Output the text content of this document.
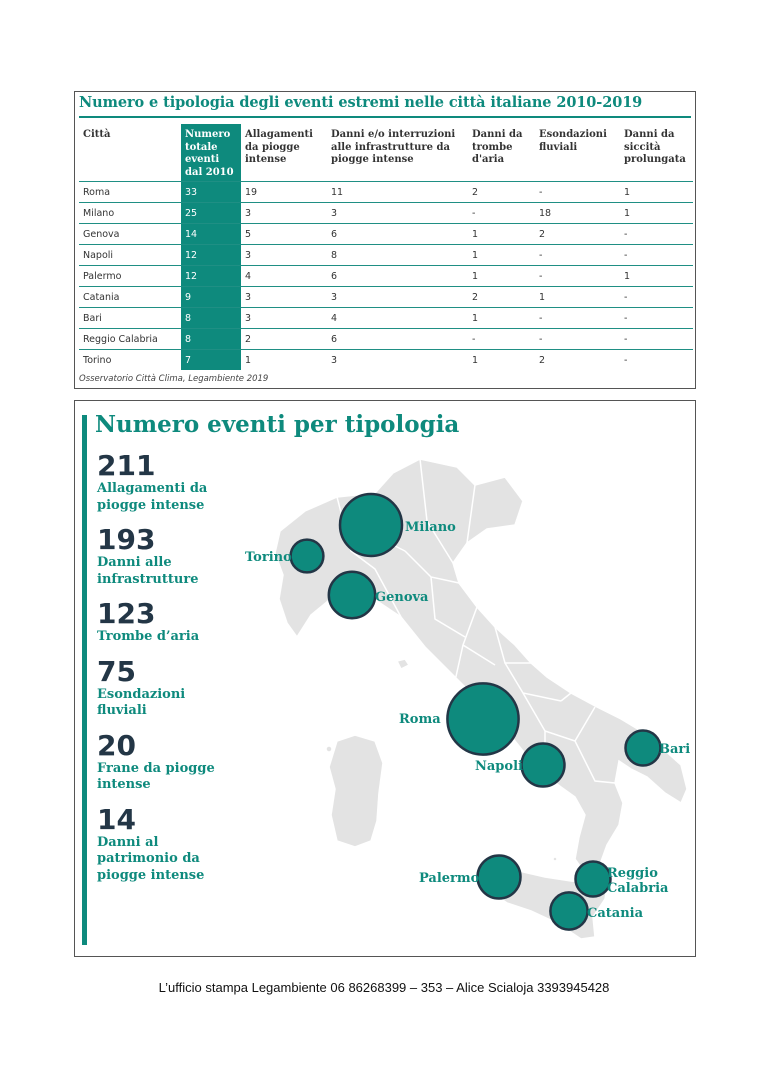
Numero e tipologia degli eventi estremi nelle città italiane 2010-2019
Città	Numero totale eventi dal 2010	Allagamenti da piogge intense	Danni e/o interruzioni alle infrastrutture da piogge intense	Danni da trombe d'aria	Esondazioni fluviali	Danni da siccità prolungata
Roma	33	19	11	2	-	1
Milano	25	3	3	-	18	1
Genova	14	5	6	1	2	-
Napoli	12	3	8	1	-	-
Palermo	12	4	6	1	-	1
Catania	9	3	3	2	1	-
Bari	8	3	4	1	-	-
Reggio Calabria	8	2	6	-	-	-
Torino	7	1	3	1	2	-
Osservatorio Città Clima, Legambiente 2019
Numero eventi per tipologia
211
Allagamenti da piogge intense
193
Danni alle infrastrutture
123
Trombe d’aria
75
Esondazioni fluviali
20
Frane da piogge intense
14
Danni al patrimonio da piogge intense
Roma
Milano
Genova
Napoli
Palermo
Catania
Bari
Reggio Calabria
Torino
L’ufficio stampa Legambiente 06 86268399 – 353 – Alice Scialoja 3393945428
